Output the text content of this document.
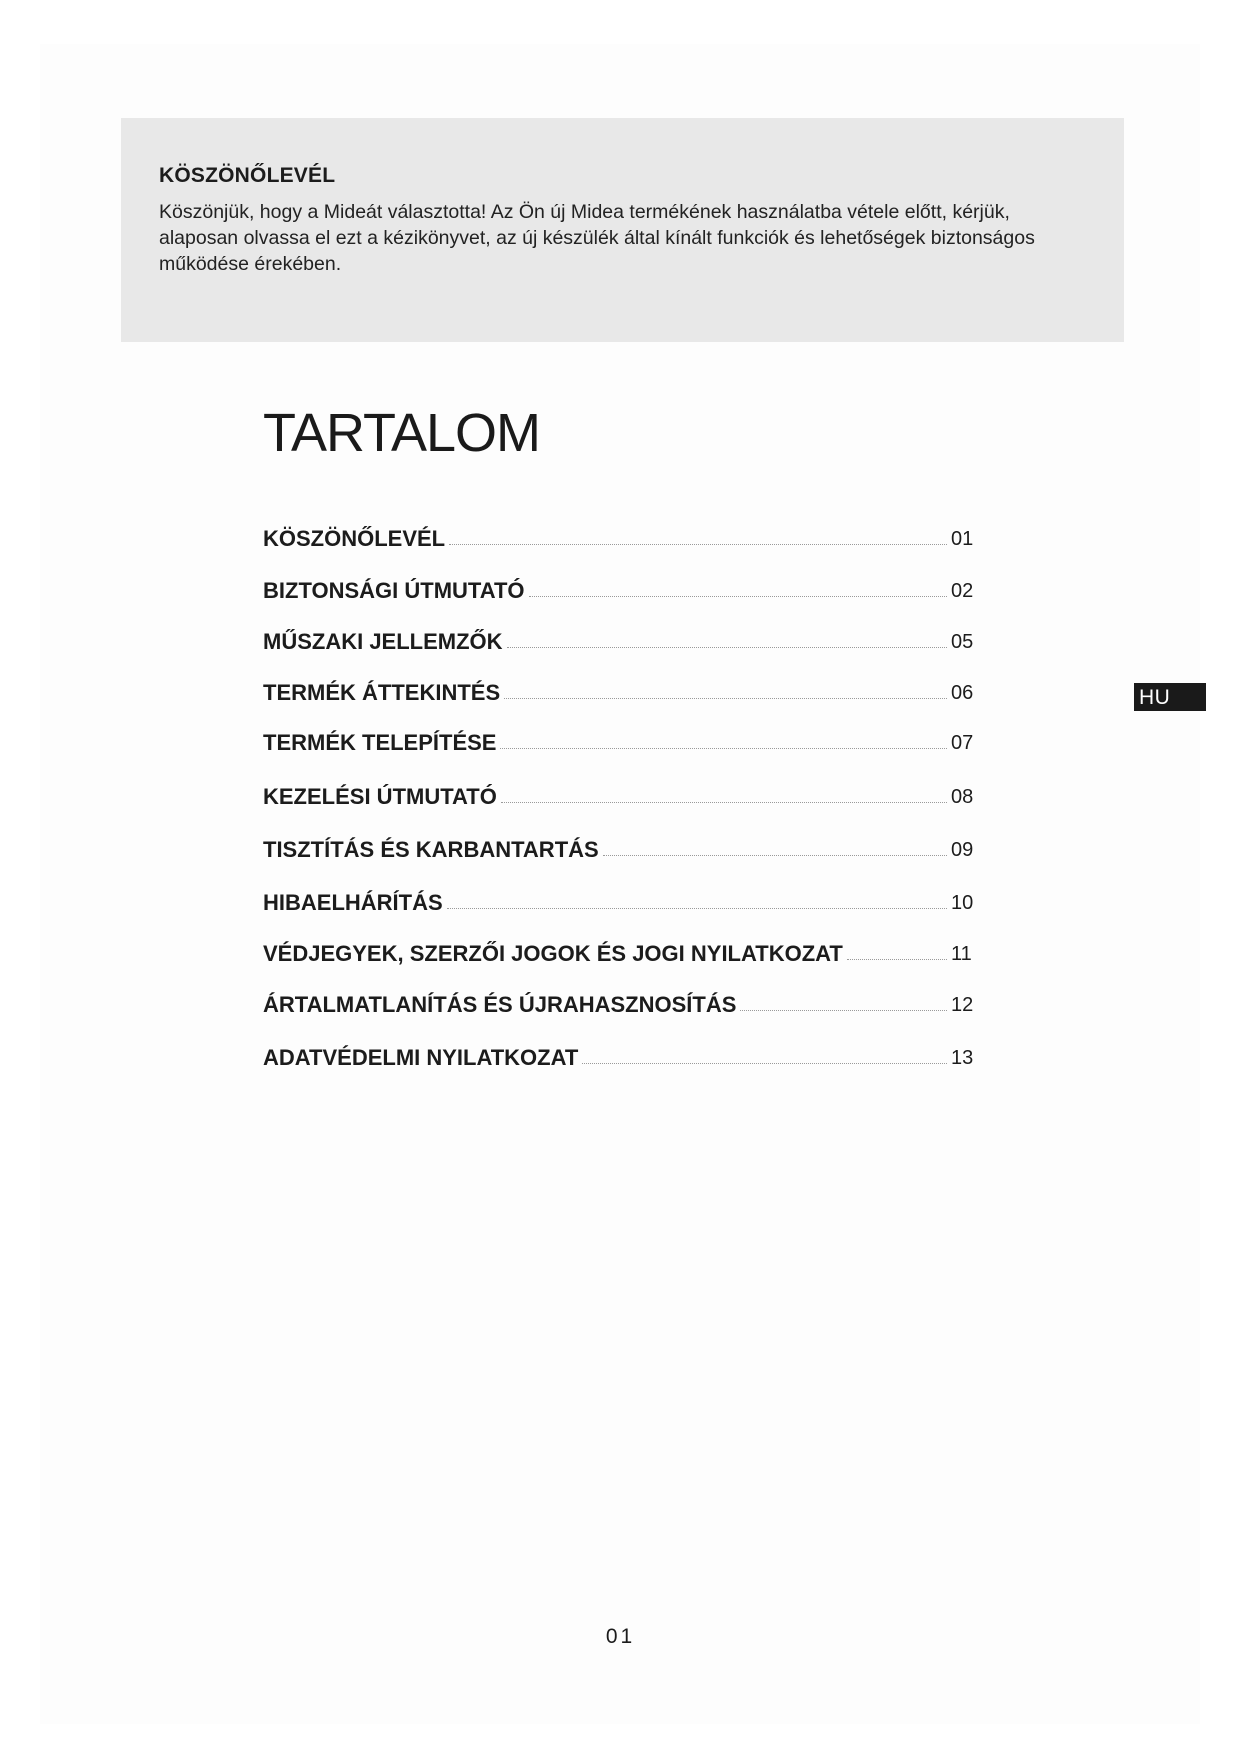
KÖSZÖNŐLEVÉL

Köszönjük, hogy a Mideát választotta! Az Ön új Midea termékének használatba vétele előtt, kérjük, alaposan olvassa el ezt a kézikönyvet, az új készülék által kínált funkciók és lehetőségek biztonságos működése érekében.

TARTALOM
KÖSZÖNŐLEVÉL	01
BIZTONSÁGI ÚTMUTATÓ	02
MŰSZAKI JELLEMZŐK	05
TERMÉK ÁTTEKINTÉS	06
TERMÉK TELEPÍTÉSE	07
KEZELÉSI ÚTMUTATÓ	08
TISZTÍTÁS ÉS KARBANTARTÁS	09
HIBAELHÁRÍTÁS	10
VÉDJEGYEK, SZERZŐI JOGOK ÉS JOGI NYILATKOZAT	11
ÁRTALMATLANÍTÁS ÉS ÚJRAHASZNOSÍTÁS	12
ADATVÉDELMI NYILATKOZAT	13
HU
01
